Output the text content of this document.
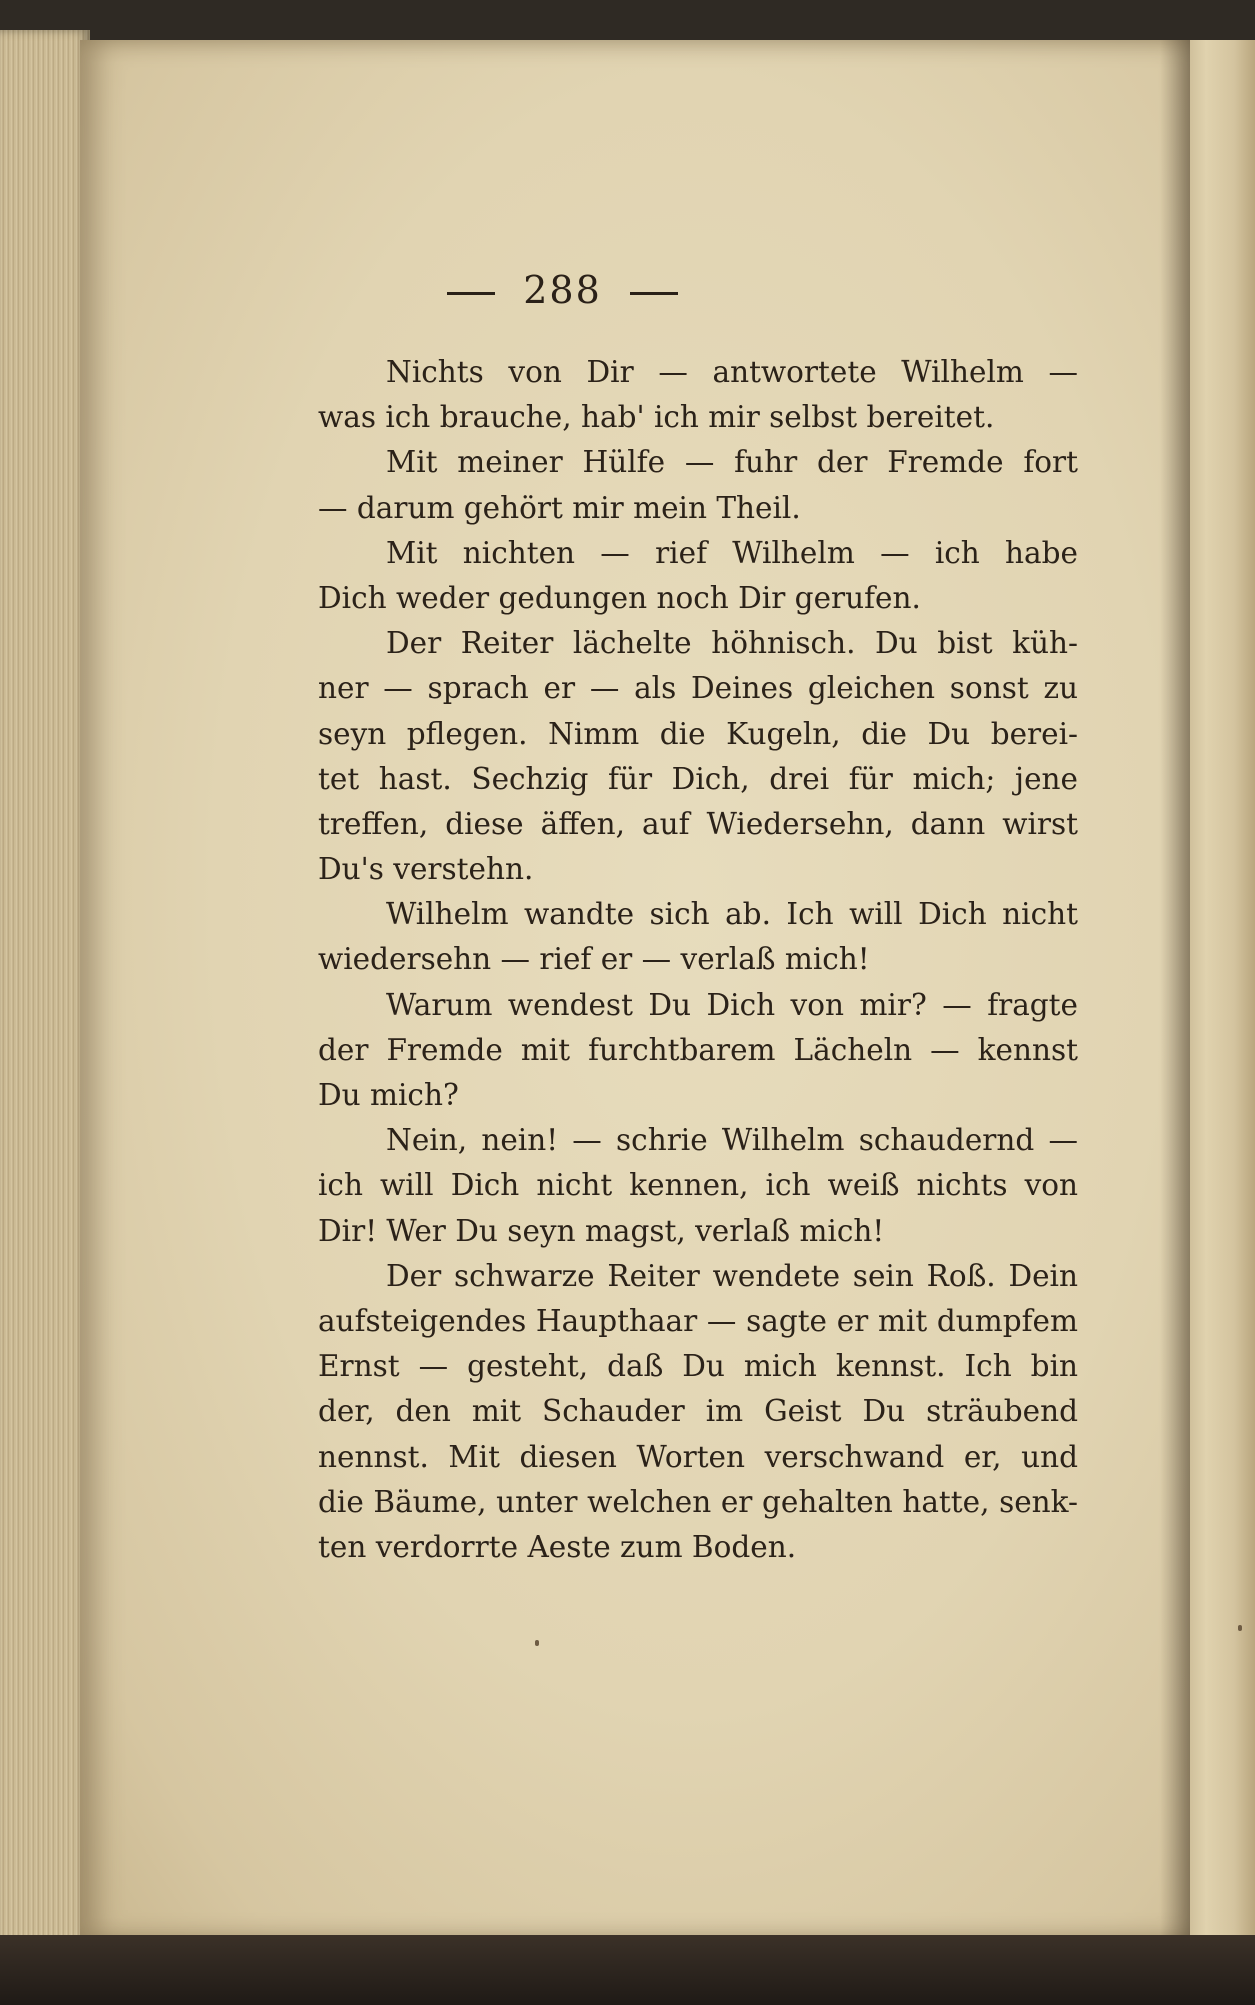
288
Nichts von Dir — antwortete Wilhelm —
was ich brauche, hab' ich mir selbst bereitet.
Mit meiner Hülfe — fuhr der Fremde fort
— darum gehört mir mein Theil.
Mit nichten — rief Wilhelm — ich habe
Dich weder gedungen noch Dir gerufen.
Der Reiter lächelte höhnisch. Du bist küh-
ner — sprach er — als Deines gleichen sonst zu
seyn pflegen. Nimm die Kugeln, die Du berei-
tet hast. Sechzig für Dich, drei für mich; jene
treffen, diese äffen, auf Wiedersehn, dann wirst
Du's verstehn.
Wilhelm wandte sich ab. Ich will Dich nicht
wiedersehn — rief er — verlaß mich!
Warum wendest Du Dich von mir? — fragte
der Fremde mit furchtbarem Lächeln — kennst
Du mich?
Nein, nein! — schrie Wilhelm schaudernd —
ich will Dich nicht kennen, ich weiß nichts von
Dir! Wer Du seyn magst, verlaß mich!
Der schwarze Reiter wendete sein Roß. Dein
aufsteigendes Haupthaar — sagte er mit dumpfem
Ernst — gesteht, daß Du mich kennst. Ich bin
der, den mit Schauder im Geist Du sträubend
nennst. Mit diesen Worten verschwand er, und
die Bäume, unter welchen er gehalten hatte, senk-
ten verdorrte Aeste zum Boden.
